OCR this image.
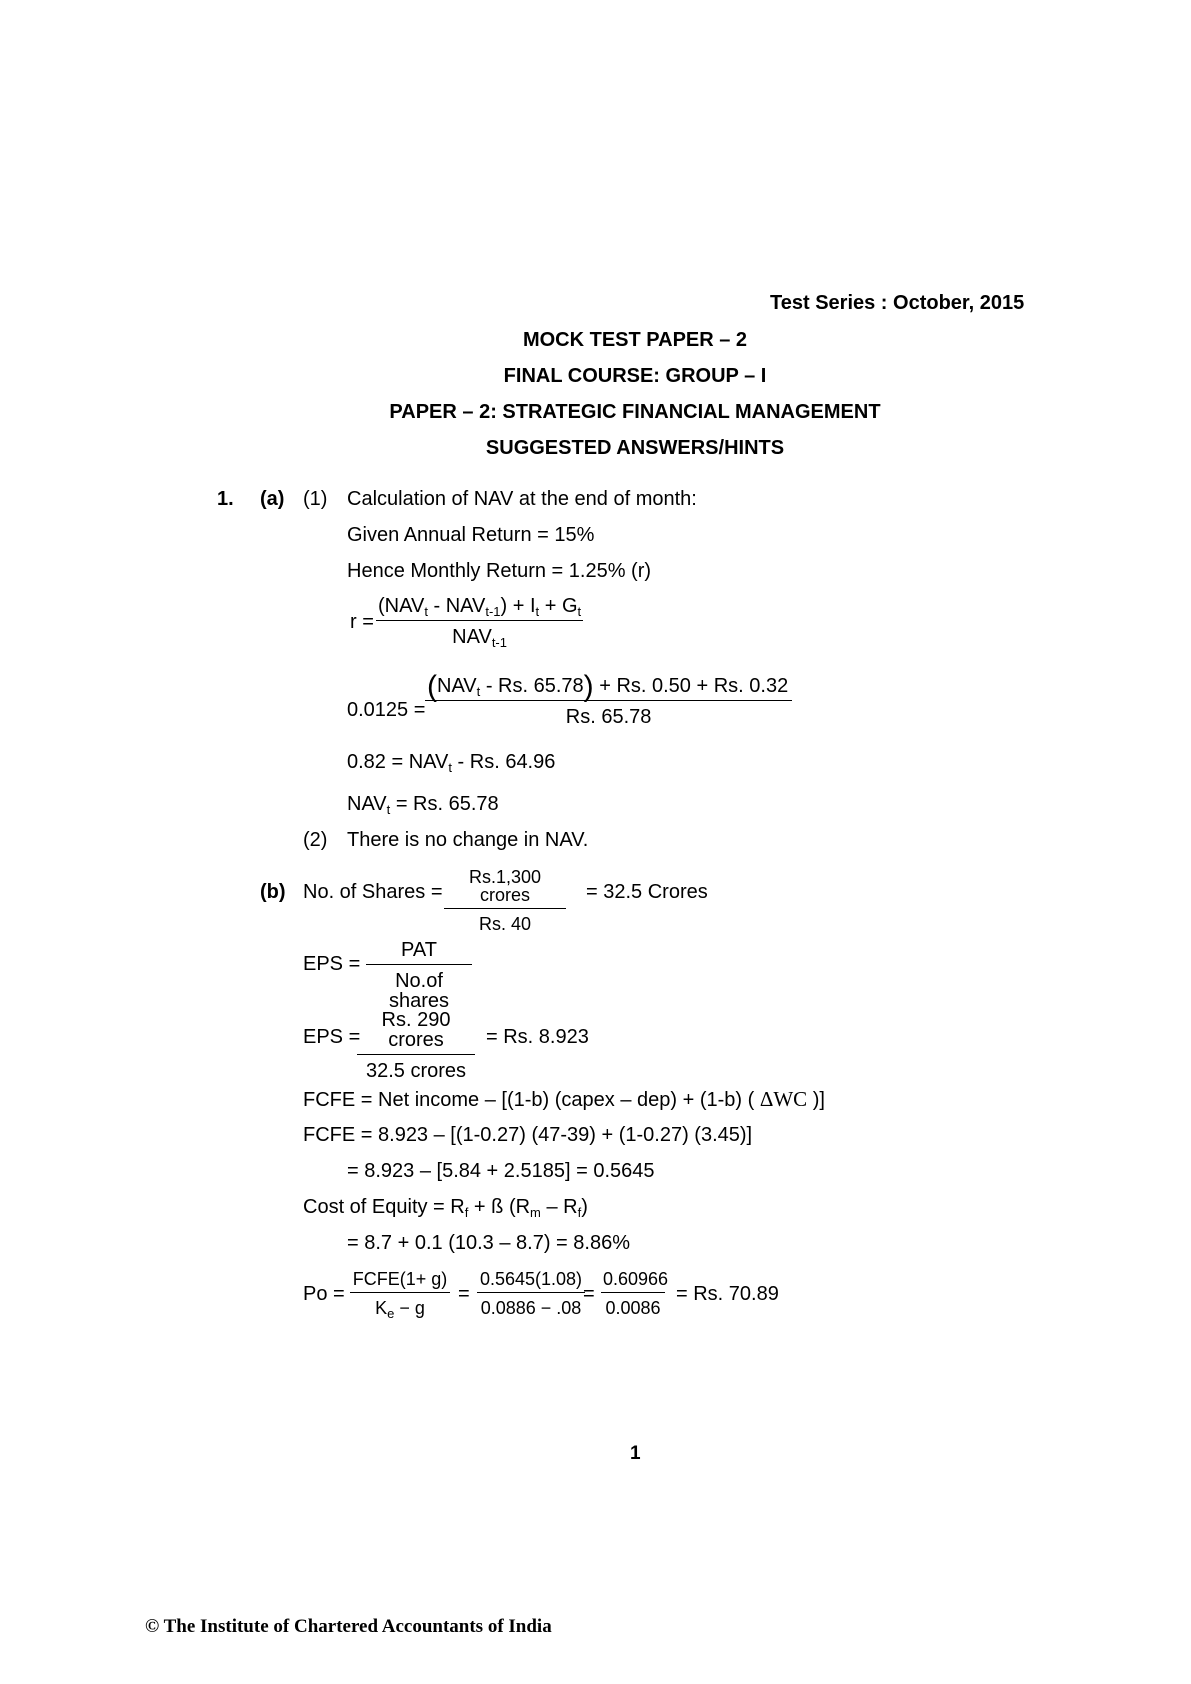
Test Series : October, 2015
MOCK TEST PAPER – 2
FINAL COURSE: GROUP – I
PAPER – 2: STRATEGIC FINANCIAL MANAGEMENT
SUGGESTED ANSWERS/HINTS
1. (a) (1) Calculation of NAV at the end of month:
Given Annual Return = 15%
Hence Monthly Return = 1.25% (r)
r =
$(NAV_t - NAV_{t-1}) + I_t + G_t$
$NAV_{t-1}$
0.0125 =
($NAV_t$ - Rs. 65.78) + Rs. 0.50 + Rs. 0.32
Rs. 65.78
$0.82 = NAV_t - Rs$. 64.96
$NAV_t = Rs$. 65.78
(2) There is no change in NAV.
(b) No. of Shares =
Rs.1,300 crores
Rs. 40
= 32.5 Crores
EPS =
PAT
No.of shares
EPS =
Rs. 290 crores
32.5 crores
= Rs. 8.923
FCFE = Net income – [(1-b) (capex – dep) + (1-b) ( ΔWC )]
FCFE = 8.923 – [(1-0.27) (47-39) + (1-0.27) (3.45)]
= 8.923 – [5.84 + 2.5185] = 0.5645
Cost of Equity = $R_f$ + ß $(R_m - R_f)$
= 8.7 + 0.1 (10.3 – 8.7) = 8.86%
Po =
FCFE(1+ g)
$K_e - g$
= $\frac{0.5645(1.08)}{0.0886 - .08}$
= $\frac{0.60966}{0.0086} = Rs$. 70.89
1
© The Institute of Chartered Accountants of India
